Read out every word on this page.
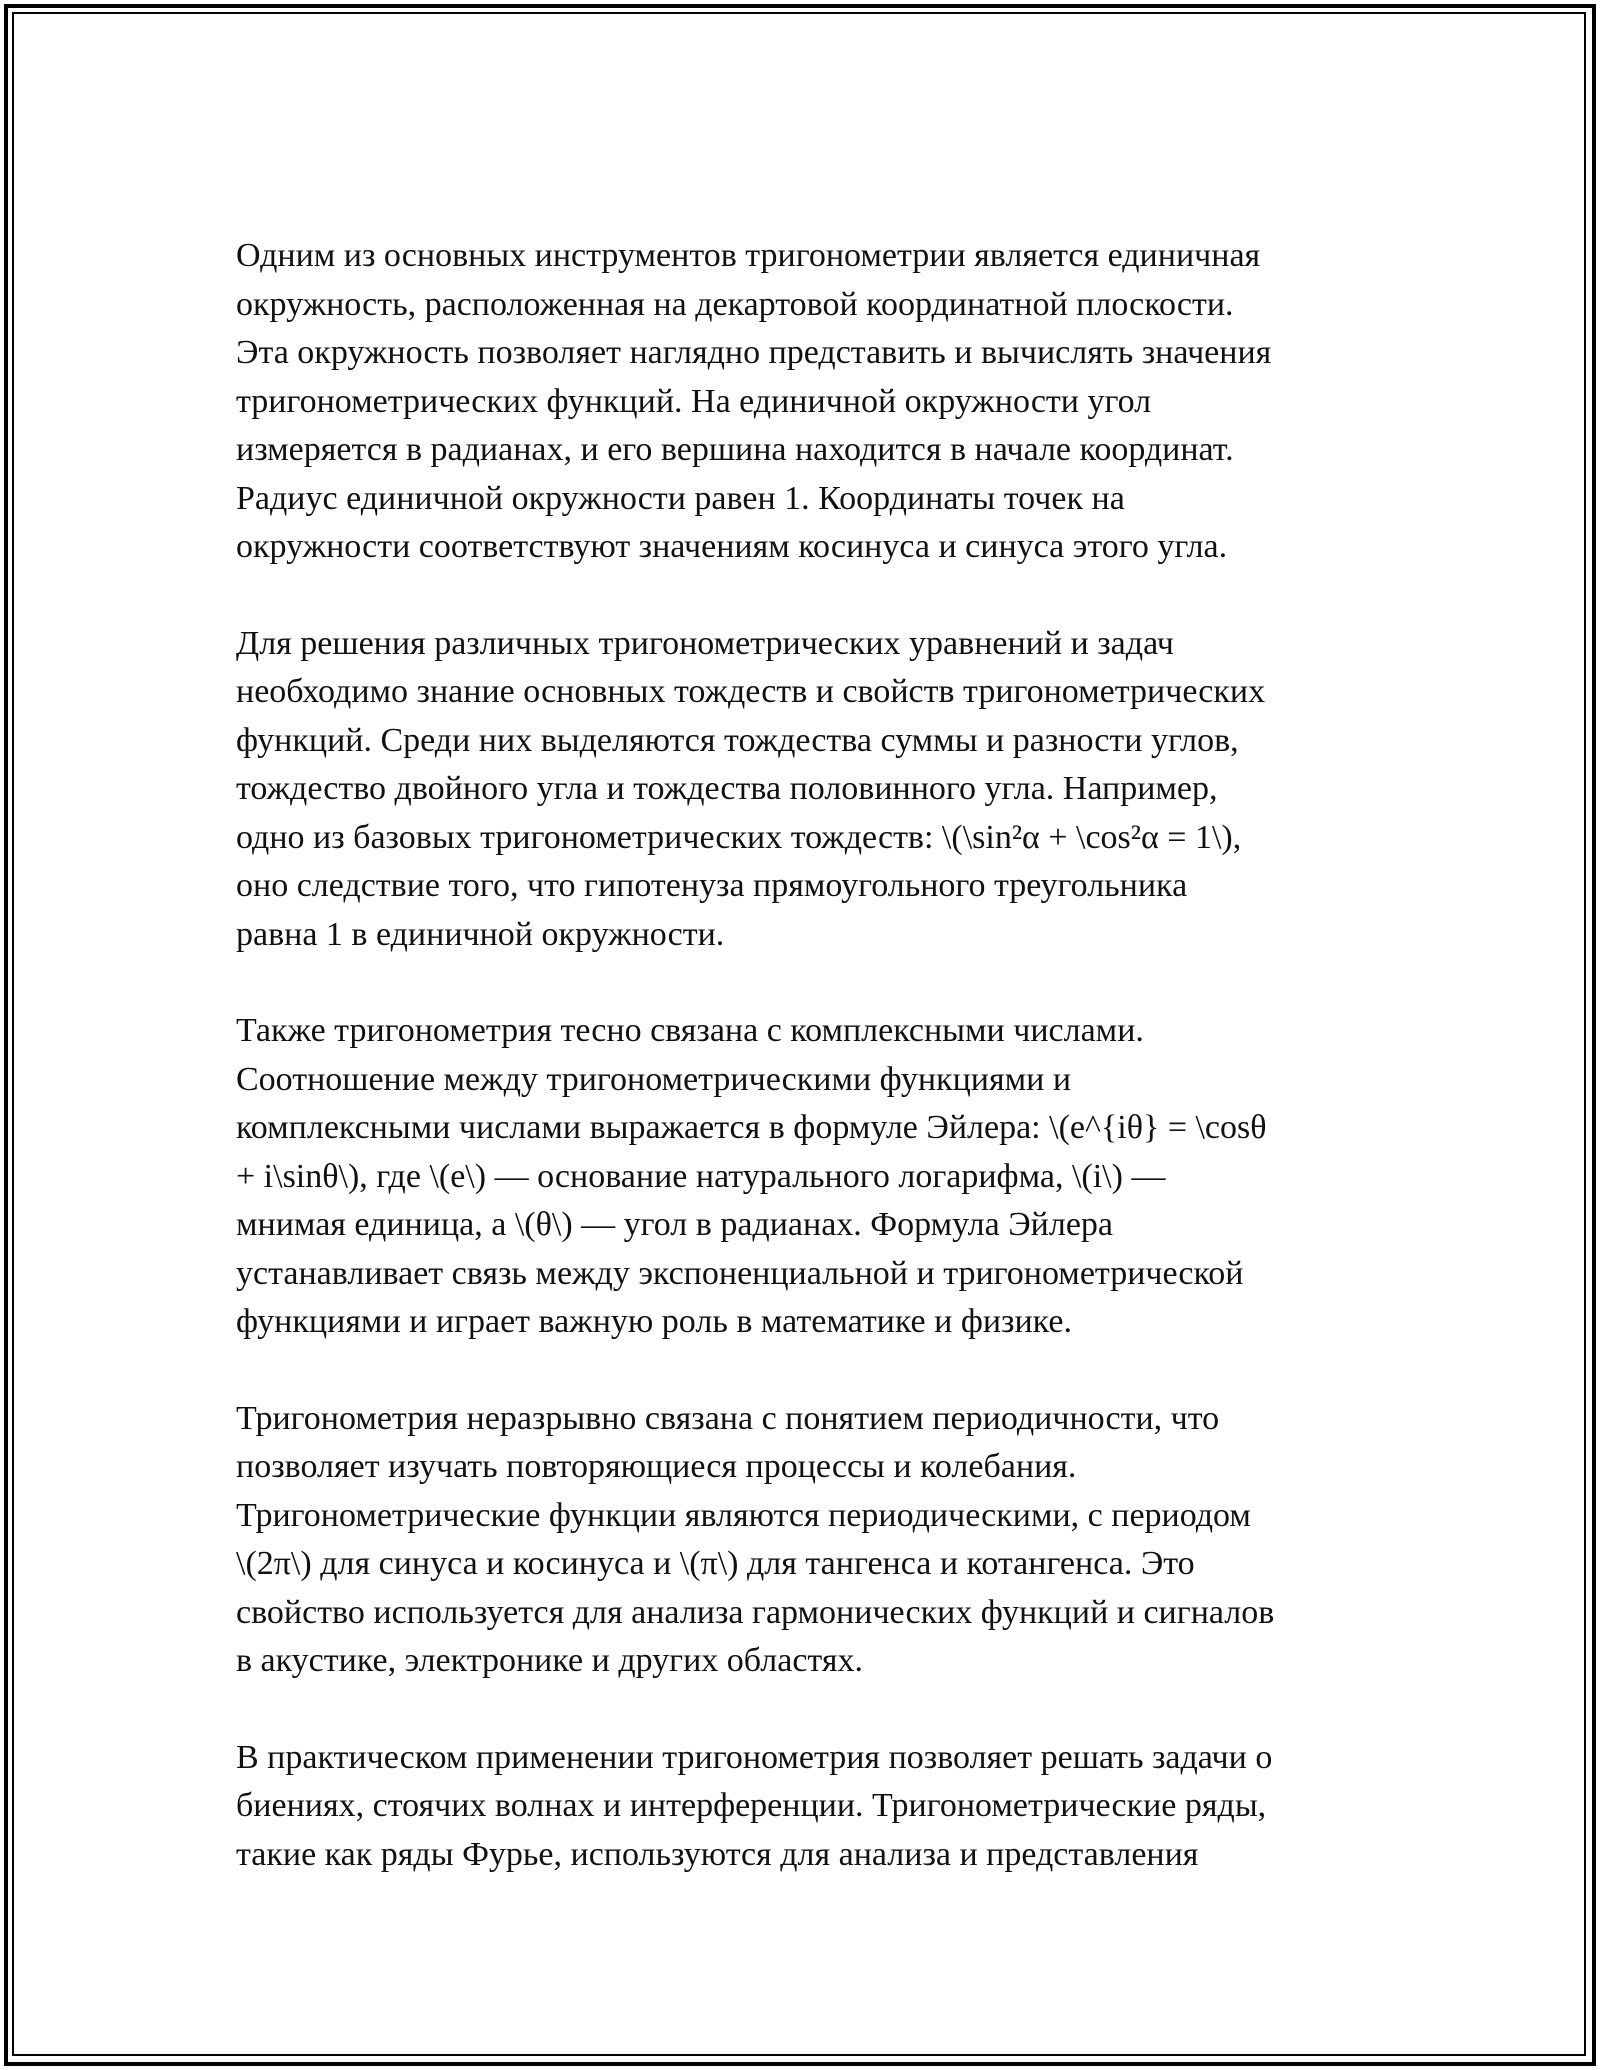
Одним из основных инструментов тригонометрии является единичная
окружность, расположенная на декартовой координатной плоскости.
Эта окружность позволяет наглядно представить и вычислять значения
тригонометрических функций. На единичной окружности угол
измеряется в радианах, и его вершина находится в начале координат.
Радиус единичной окружности равен 1. Координаты точек на
окружности соответствуют значениям косинуса и синуса этого угла.

Для решения различных тригонометрических уравнений и задач
необходимо знание основных тождеств и свойств тригонометрических
функций. Среди них выделяются тождества суммы и разности углов,
тождество двойного угла и тождества половинного угла. Например,
одно из базовых тригонометрических тождеств: \(\sin²α + \cos²α = 1\),
оно следствие того, что гипотенуза прямоугольного треугольника
равна 1 в единичной окружности.

Также тригонометрия тесно связана с комплексными числами.
Соотношение между тригонометрическими функциями и
комплексными числами выражается в формуле Эйлера: \(e^{iθ} = \cosθ
+ i\sinθ\), где \(e\) — основание натурального логарифма, \(i\) —
мнимая единица, а \(θ\) — угол в радианах. Формула Эйлера
устанавливает связь между экспоненциальной и тригонометрической
функциями и играет важную роль в математике и физике.

Тригонометрия неразрывно связана с понятием периодичности, что
позволяет изучать повторяющиеся процессы и колебания.
Тригонометрические функции являются периодическими, с периодом
\(2π\) для синуса и косинуса и \(π\) для тангенса и котангенса. Это
свойство используется для анализа гармонических функций и сигналов
в акустике, электронике и других областях.

В практическом применении тригонометрия позволяет решать задачи о
биениях, стоячих волнах и интерференции. Тригонометрические ряды,
такие как ряды Фурье, используются для анализа и представления
